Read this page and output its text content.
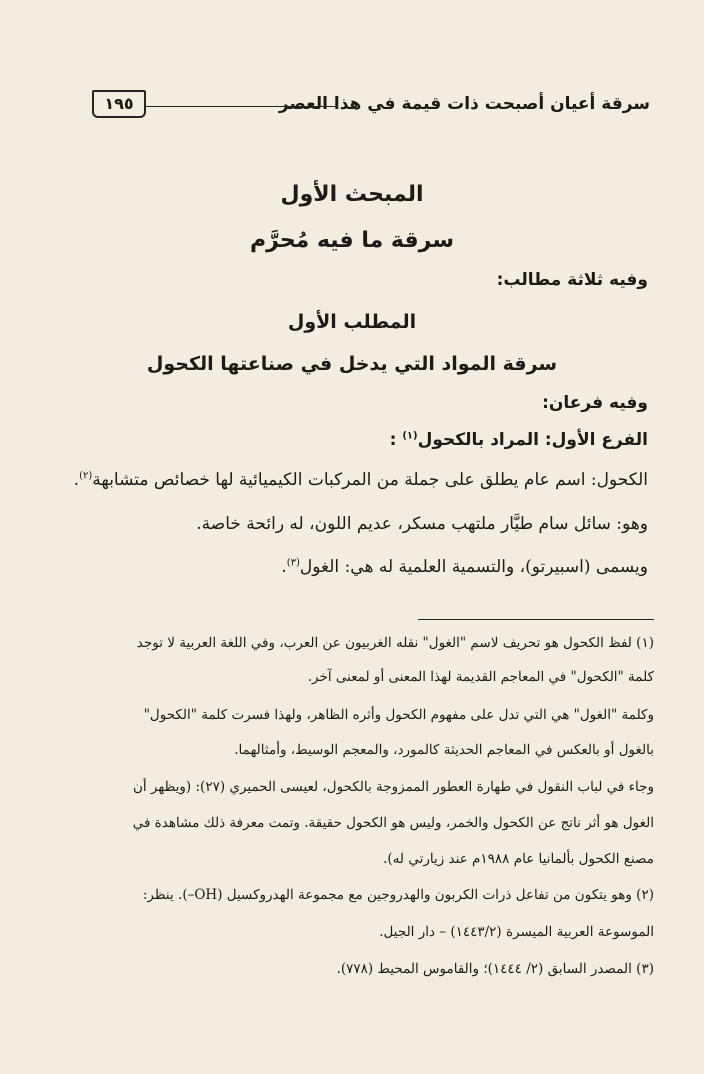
سرقة أعيان أصبحت ذات قيمة في هذا العصر
١٩٥
المبحث الأول
سرقة ما فيه مُحرَّم
وفيه ثلاثة مطالب:
المطلب الأول
سرقة المواد التي يدخل في صناعتها الكحول
وفيه فرعان:
الفرع الأول: المراد بالكحول$^{(١)}$ :
الكحول: اسم عام يطلق على جملة من المركبات الكيميائية لها خصائص متشابهة$^{(٢)}$.
وهو: سائل سام طيَّار ملتهب مسكر، عديم اللون، له رائحة خاصة.
ويسمى (اسبيرتو)، والتسمية العلمية له هي: الغول$^{(٣)}$.
(١) لفظ الكحول هو تحريف لاسم "الغول" نقله الغربيون عن العرب، وفي اللغة العربية لا توجد
كلمة "الكحول" في المعاجم القديمة لهذا المعنى أو لمعنى آخر.
وكلمة "الغول" هي التي تدل على مفهوم الكحول وأثره الظاهر، ولهذا فسرت كلمة "الكحول"
بالغول أو بالعكس في المعاجم الحديثة كالمورد، والمعجم الوسيط، وأمثالهما.
وجاء في لباب النقول في طهارة العطور الممزوجة بالكحول، لعيسى الحميري (٢٧): (ويظهر أن
الغول هو أثر ناتج عن الكحول والخمر، وليس هو الكحول حقيقة. وتمت معرفة ذلك مشاهدة في
مصنع الكحول بألمانيا عام ١٩٨٨م عند زيارتي له).
(٢) وهو يتكون من تفاعل ذرات الكربون والهدروجين مع مجموعة الهدروكسيل (OH–). ينظر:
الموسوعة العربية الميسرة (١٤٤٣/٢) – دار الجيل.
(٣) المصدر السابق (٢/ ١٤٤٤)؛ والقاموس المحيط (٧٧٨).
